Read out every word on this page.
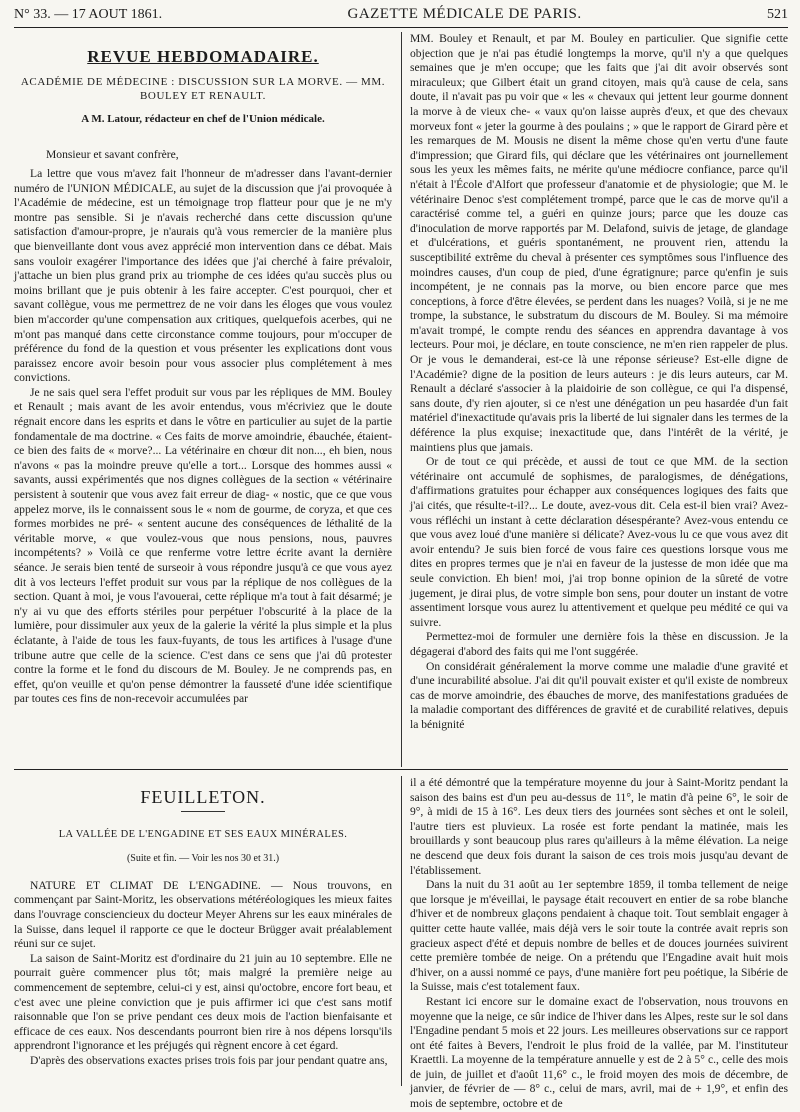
N° 33. — 17 AOUT 1861.	GAZETTE MÉDICALE DE PARIS.	521
REVUE HEBDOMADAIRE.
ACADÉMIE DE MÉDECINE : DISCUSSION SUR LA MORVE. — MM. BOULEY ET RENAULT.
A M. Latour, rédacteur en chef de l'Union médicale.

Monsieur et savant confrère,

La lettre que vous m'avez fait l'honneur de m'adresser dans l'avant-dernier numéro de l'UNION MÉDICALE, au sujet de la discussion que j'ai provoquée à l'Académie de médecine, est un témoignage trop flatteur pour que je ne m'y montre pas sensible. Si je n'avais recherché dans cette discussion qu'une satisfaction d'amour-propre, je n'aurais qu'à vous remercier de la manière plus que bienveillante dont vous avez apprécié mon intervention dans ce débat. Mais sans vouloir exagérer l'importance des idées que j'ai cherché à faire prévaloir, j'attache un bien plus grand prix au triomphe de ces idées qu'au succès plus ou moins brillant que je puis obtenir à les faire accepter. C'est pourquoi, cher et savant collègue, vous me permettrez de ne voir dans les éloges que vous voulez bien m'accorder qu'une compensation aux critiques, quelquefois acerbes, qui ne m'ont pas manqué dans cette circonstance comme toujours, pour m'occuper de préférence du fond de la question et vous présenter les explications dont vous paraissez encore avoir besoin pour vous associer plus complétement à mes convictions.

Je ne sais quel sera l'effet produit sur vous par les répliques de MM. Bouley et Renault ; mais avant de les avoir entendus, vous m'écriviez que le doute régnait encore dans les esprits et dans le vôtre en particulier au sujet de la partie fondamentale de ma doctrine. « Ces faits de morve amoindrie, ébauchée, étaient-ce bien des faits de « morve?... La vétérinaire en chœur dit non..., eh bien, nous n'avons « pas la moindre preuve qu'elle a tort... Lorsque des hommes aussi « savants, aussi expérimentés que nos dignes collègues de la section « vétérinaire persistent à soutenir que vous avez fait erreur de diag- « nostic, que ce que vous appelez morve, ils le connaissent sous le « nom de gourme, de coryza, et que ces formes morbides ne pré- « sentent aucune des conséquences de léthalité de la véritable morve, « que voulez-vous que nous pensions, nous, pauvres incompétents? » Voilà ce que renferme votre lettre écrite avant la dernière séance. Je serais bien tenté de surseoir à vous répondre jusqu'à ce que vous ayez dit à vos lecteurs l'effet produit sur vous par la réplique de nos collègues de la section. Quant à moi, je vous l'avouerai, cette réplique m'a tout à fait désarmé; je n'y ai vu que des efforts stériles pour perpétuer l'obscurité à la place de la lumière, pour dissimuler aux yeux de la galerie la vérité la plus simple et la plus éclatante, à l'aide de tous les faux-fuyants, de tous les artifices à l'usage d'une tribune autre que celle de la science. C'est dans ce sens que j'ai dû protester contre la forme et le fond du discours de M. Bouley. Je ne comprends pas, en effet, qu'on veuille et qu'on pense démontrer la fausseté d'une idée scientifique par toutes ces fins de non-recevoir accumulées par

MM. Bouley et Renault, et par M. Bouley en particulier. Que signifie cette objection que je n'ai pas étudié longtemps la morve, qu'il n'y a que quelques semaines que je m'en occupe; que les faits que j'ai dit avoir observés sont miraculeux; que Gilbert était un grand citoyen, mais qu'à cause de cela, sans doute, il n'avait pas pu voir que « les « chevaux qui jettent leur gourme donnent la morve à de vieux che- « vaux qu'on laisse auprès d'eux, et que des chevaux morveux font « jeter la gourme à des poulains ; » que le rapport de Girard père et les remarques de M. Mousis ne disent la même chose qu'en vertu d'une faute d'impression; que Girard fils, qui déclare que les vétérinaires ont journellement sous les yeux les mêmes faits, ne mérite qu'une médiocre confiance, parce qu'il n'était à l'École d'Alfort que professeur d'anatomie et de physiologie; que M. le vétérinaire Denoc s'est complétement trompé, parce que le cas de morve qu'il a caractérisé comme tel, a guéri en quinze jours; parce que les douze cas d'inoculation de morve rapportés par M. Delafond, suivis de jetage, de glandage et d'ulcérations, et guéris spontanément, ne prouvent rien, attendu la susceptibilité extrême du cheval à présenter ces symptômes sous l'influence des moindres causes, d'un coup de pied, d'une égratignure; parce qu'enfin je suis incompétent, je ne connais pas la morve, ou bien encore parce que mes conceptions, à force d'être élevées, se perdent dans les nuages? Voilà, si je ne me trompe, la substance, le substratum du discours de M. Bouley. Si ma mémoire m'avait trompé, le compte rendu des séances en apprendra davantage à vos lecteurs. Pour moi, je déclare, en toute conscience, ne m'en rien rappeler de plus. Or je vous le demanderai, est-ce là une réponse sérieuse? Est-elle digne de l'Académie? digne de la position de leurs auteurs : je dis leurs auteurs, car M. Renault a déclaré s'associer à la plaidoirie de son collègue, ce qui l'a dispensé, sans doute, d'y rien ajouter, si ce n'est une dénégation un peu hasardée d'un fait matériel d'inexactitude qu'avais pris la liberté de lui signaler dans les termes de la déférence la plus exquise; inexactitude que, dans l'intérêt de la vérité, je maintiens plus que jamais.

Or de tout ce qui précède, et aussi de tout ce que MM. de la section vétérinaire ont accumulé de sophismes, de paralogismes, de dénégations, d'affirmations gratuites pour échapper aux conséquences logiques des faits que j'ai cités, que résulte-t-il?... Le doute, avez-vous dit. Cela est-il bien vrai? Avez-vous réfléchi un instant à cette déclaration désespérante? Avez-vous entendu ce que vous avez loué d'une manière si délicate? Avez-vous lu ce que vous avez dit avoir entendu? Je suis bien forcé de vous faire ces questions lorsque vous me dites en propres termes que je n'ai en faveur de la justesse de mon idée que ma seule conviction. Eh bien! moi, j'ai trop bonne opinion de la sûreté de votre jugement, je dirai plus, de votre simple bon sens, pour douter un instant de votre assentiment lorsque vous aurez lu attentivement et quelque peu médité ce qui va suivre.

Permettez-moi de formuler une dernière fois la thèse en discussion. Je la dégagerai d'abord des faits qui me l'ont suggérée.

On considérait généralement la morve comme une maladie d'une gravité et d'une incurabilité absolue. J'ai dit qu'il pouvait exister et qu'il existe de nombreux cas de morve amoindrie, des ébauches de morve, des manifestations graduées de la maladie comportant des différences de gravité et de curabilité relatives, depuis la bénignité

FEUILLETON.
LA VALLÉE DE L'ENGADINE ET SES EAUX MINÉRALES.
(Suite et fin. — Voir les nos 30 et 31.)

NATURE ET CLIMAT DE L'ENGADINE. — Nous trouvons, en commençant par Saint-Moritz, les observations météréologiques les mieux faites dans l'ouvrage consciencieux du docteur Meyer Ahrens sur les eaux minérales de la Suisse, dans lequel il rapporte ce que le docteur Brügger avait préalablement réuni sur ce sujet.

La saison de Saint-Moritz est d'ordinaire du 21 juin au 10 septembre. Elle ne pourrait guère commencer plus tôt; mais malgré la première neige au commencement de septembre, celui-ci y est, ainsi qu'octobre, encore fort beau, et c'est avec une pleine conviction que je puis affirmer ici que c'est sans motif raisonnable que l'on se prive pendant ces deux mois de l'action bienfaisante et efficace de ces eaux. Nos descendants pourront bien rire à nos dépens lorsqu'ils apprendront l'ignorance et les préjugés qui règnent encore à cet égard.

D'après des observations exactes prises trois fois par jour pendant quatre ans,

il a été démontré que la température moyenne du jour à Saint-Moritz pendant la saison des bains est d'un peu au-dessus de 11°, le matin d'à peine 6°, le soir de 9°, à midi de 15 à 16°. Les deux tiers des journées sont sèches et ont le soleil, l'autre tiers est pluvieux. La rosée est forte pendant la matinée, mais les brouillards y sont beaucoup plus rares qu'ailleurs à la même élévation. La neige ne descend que deux fois durant la saison de ces trois mois jusqu'au devant de l'établissement.

Dans la nuit du 31 août au 1er septembre 1859, il tomba tellement de neige que lorsque je m'éveillai, le paysage était recouvert en entier de sa robe blanche d'hiver et de nombreux glaçons pendaient à chaque toit. Tout semblait engager à quitter cette haute vallée, mais déjà vers le soir toute la contrée avait repris son gracieux aspect d'été et depuis nombre de belles et de douces journées suivirent cette première tombée de neige. On a prétendu que l'Engadine avait huit mois d'hiver, on a aussi nommé ce pays, d'une manière fort peu poétique, la Sibérie de la Suisse, mais c'est totalement faux.

Restant ici encore sur le domaine exact de l'observation, nous trouvons en moyenne que la neige, ce sûr indice de l'hiver dans les Alpes, reste sur le sol dans l'Engadine pendant 5 mois et 22 jours. Les meilleures observations sur ce rapport ont été faites à Bevers, l'endroit le plus froid de la vallée, par M. l'instituteur Kraettli. La moyenne de la température annuelle y est de 2 à 5° c., celle des mois de juin, de juillet et d'août 11,6° c., le froid moyen des mois de décembre, de janvier, de février de — 8° c., celui de mars, avril, mai de + 1,9°, et enfin des mois de septembre, octobre et de
